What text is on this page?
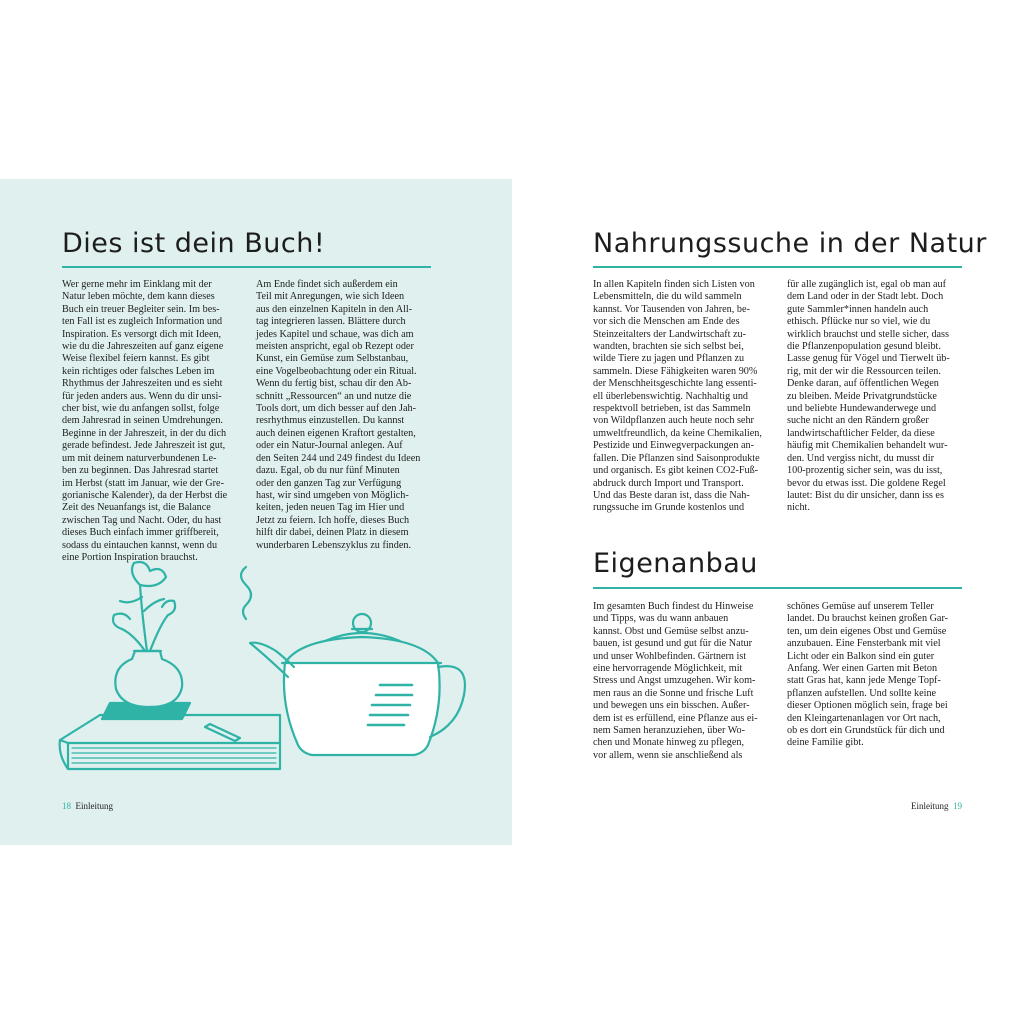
Dies ist dein Buch!
Wer gerne mehr im Einklang mit der
Natur leben möchte, dem kann dieses
Buch ein treuer Begleiter sein. Im bes-
ten Fall ist es zugleich Information und
Inspiration. Es versorgt dich mit Ideen,
wie du die Jahreszeiten auf ganz eigene
Weise flexibel feiern kannst. Es gibt
kein richtiges oder falsches Leben im
Rhythmus der Jahreszeiten und es sieht
für jeden anders aus. Wenn du dir unsi-
cher bist, wie du anfangen sollst, folge
dem Jahresrad in seinen Umdrehungen.
Beginne in der Jahreszeit, in der du dich
gerade befindest. Jede Jahreszeit ist gut,
um mit deinem naturverbundenen Le-
ben zu beginnen. Das Jahresrad startet
im Herbst (statt im Januar, wie der Gre-
gorianische Kalender), da der Herbst die
Zeit des Neuanfangs ist, die Balance
zwischen Tag und Nacht. Oder, du hast
dieses Buch einfach immer griffbereit,
sodass du eintauchen kannst, wenn du
eine Portion Inspiration brauchst.
Am Ende findet sich außerdem ein
Teil mit Anregungen, wie sich Ideen
aus den einzelnen Kapiteln in den All-
tag integrieren lassen. Blättere durch
jedes Kapitel und schaue, was dich am
meisten anspricht, egal ob Rezept oder
Kunst, ein Gemüse zum Selbstanbau,
eine Vogelbeobachtung oder ein Ritual.
Wenn du fertig bist, schau dir den Ab-
schnitt „Ressourcen“ an und nutze die
Tools dort, um dich besser auf den Jah-
resrhythmus einzustellen. Du kannst
auch deinen eigenen Kraftort gestalten,
oder ein Natur-Journal anlegen. Auf
den Seiten 244 und 249 findest du Ideen
dazu. Egal, ob du nur fünf Minuten
oder den ganzen Tag zur Verfügung
hast, wir sind umgeben von Möglich-
keiten, jeden neuen Tag im Hier und
Jetzt zu feiern. Ich hoffe, dieses Buch
hilft dir dabei, deinen Platz in diesem
wunderbaren Lebenszyklus zu finden.
18 Einleitung
Nahrungssuche in der Natur
In allen Kapiteln finden sich Listen von
Lebensmitteln, die du wild sammeln
kannst. Vor Tausenden von Jahren, be-
vor sich die Menschen am Ende des
Steinzeitalters der Landwirtschaft zu-
wandten, brachten sie sich selbst bei,
wilde Tiere zu jagen und Pflanzen zu
sammeln. Diese Fähigkeiten waren 90%
der Menschheitsgeschichte lang essenti-
ell überlebenswichtig. Nachhaltig und
respektvoll betrieben, ist das Sammeln
von Wildpflanzen auch heute noch sehr
umweltfreundlich, da keine Chemikalien,
Pestizide und Einwegverpackungen an-
fallen. Die Pflanzen sind Saisonprodukte
und organisch. Es gibt keinen CO2-Fuß-
abdruck durch Import und Transport.
Und das Beste daran ist, dass die Nah-
rungssuche im Grunde kostenlos und
für alle zugänglich ist, egal ob man auf
dem Land oder in der Stadt lebt. Doch
gute Sammler*innen handeln auch
ethisch. Pflücke nur so viel, wie du
wirklich brauchst und stelle sicher, dass
die Pflanzenpopulation gesund bleibt.
Lasse genug für Vögel und Tierwelt üb-
rig, mit der wir die Ressourcen teilen.
Denke daran, auf öffentlichen Wegen
zu bleiben. Meide Privatgrundstücke
und beliebte Hundewanderwege und
suche nicht an den Rändern großer
landwirtschaftlicher Felder, da diese
häufig mit Chemikalien behandelt wur-
den. Und vergiss nicht, du musst dir
100-prozentig sicher sein, was du isst,
bevor du etwas isst. Die goldene Regel
lautet: Bist du dir unsicher, dann iss es
nicht.
Eigenanbau
Im gesamten Buch findest du Hinweise
und Tipps, was du wann anbauen
kannst. Obst und Gemüse selbst anzu-
bauen, ist gesund und gut für die Natur
und unser Wohlbefinden. Gärtnern ist
eine hervorragende Möglichkeit, mit
Stress und Angst umzugehen. Wir kom-
men raus an die Sonne und frische Luft
und bewegen uns ein bisschen. Außer-
dem ist es erfüllend, eine Pflanze aus ei-
nem Samen heranzuziehen, über Wo-
chen und Monate hinweg zu pflegen,
vor allem, wenn sie anschließend als
schönes Gemüse auf unserem Teller
landet. Du brauchst keinen großen Gar-
ten, um dein eigenes Obst und Gemüse
anzubauen. Eine Fensterbank mit viel
Licht oder ein Balkon sind ein guter
Anfang. Wer einen Garten mit Beton
statt Gras hat, kann jede Menge Topf-
pflanzen aufstellen. Und sollte keine
dieser Optionen möglich sein, frage bei
den Kleingartenanlagen vor Ort nach,
ob es dort ein Grundstück für dich und
deine Familie gibt.
Einleitung 19
